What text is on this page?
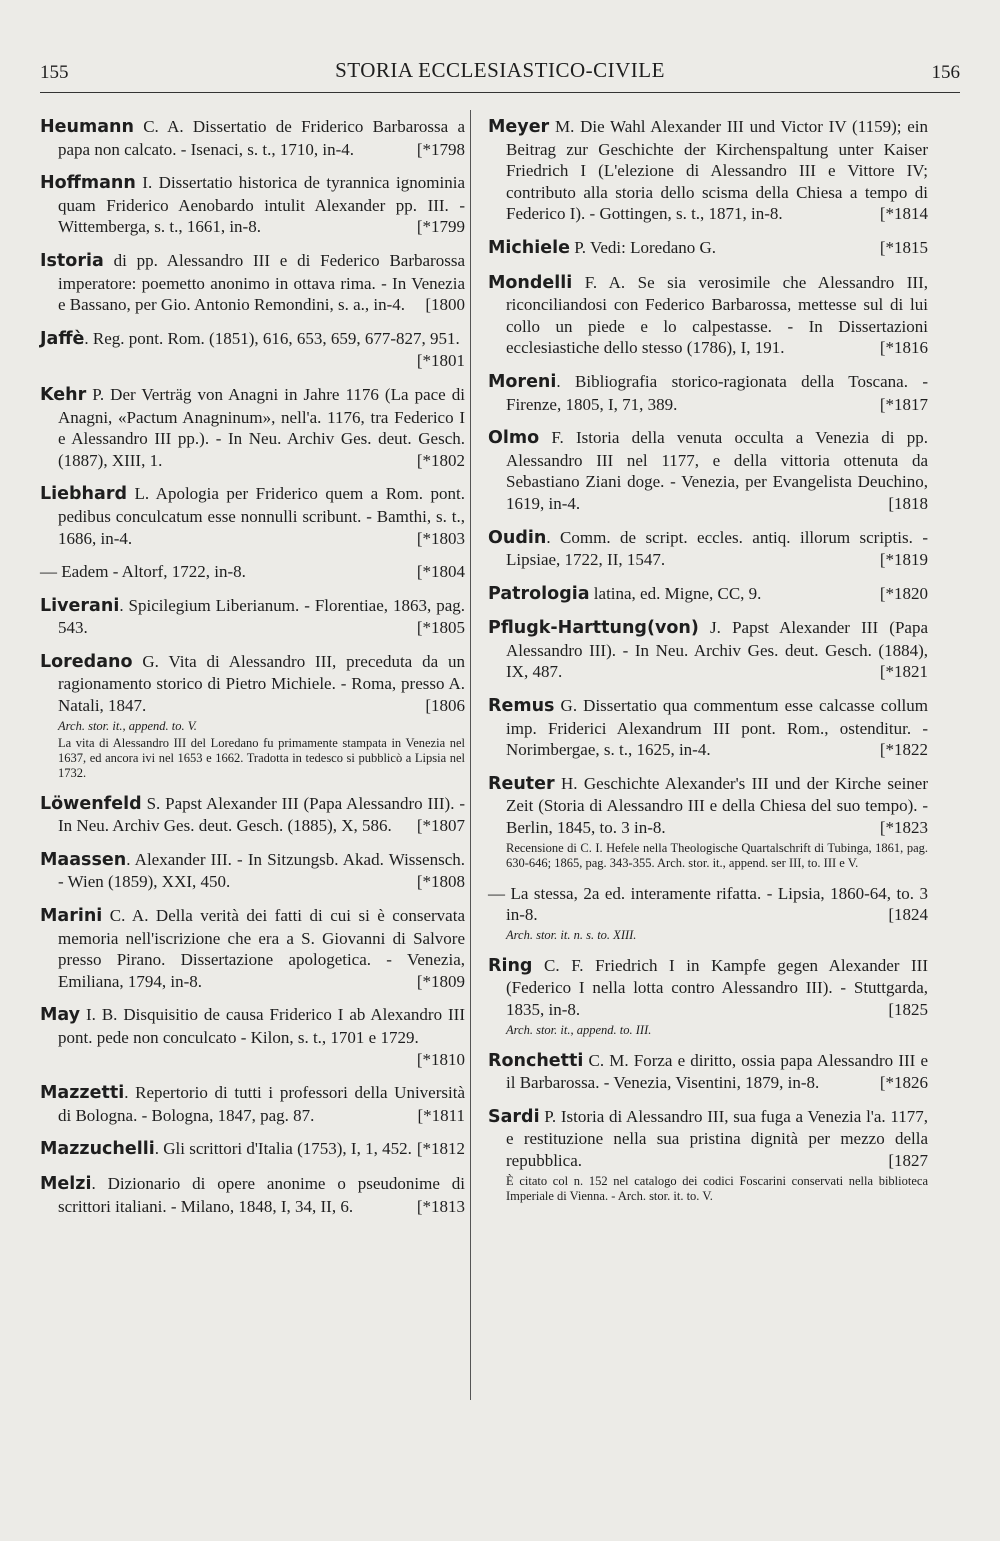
155	STORIA ECCLESIASTICO-CIVILE	156
Heumann C. A. Dissertatio de Friderico Barbarossa a papa non calcato. - Isenaci, s. t., 1710, in-4.	[*1798
Hoffmann I. Dissertatio historica de tyrannica ignominia quam Friderico Aenobardo intulit Alexander pp. III. - Wittemberga, s. t., 1661, in-8.	[*1799
Istoria di pp. Alessandro III e di Federico Barbarossa imperatore: poemetto anonimo in ottava rima. - In Venezia e Bassano, per Gio. Antonio Remondini, s. a., in-4. [1800
Jaffè. Reg. pont. Rom. (1851), 616, 653, 659, 677-827, 951.
[*1801
Kehr P. Der Verträg von Anagni in Jahre 1176 (La pace di Anagni, «Pactum Anagninum», nell'a. 1176, tra Federico I e Alessandro III pp.). - In Neu. Archiv Ges. deut. Gesch. (1887), XIII, 1.	[*1802
Liebhard L. Apologia per Friderico quem a Rom. pont. pedibus conculcatum esse nonnulli scribunt. - Bamthi, s. t., 1686, in-4.	[*1803
— Eadem - Altorf, 1722, in-8.	[*1804
Liverani. Spicilegium Liberianum. - Florentiae, 1863, pag. 543.	[*1805
Loredano G. Vita di Alessandro III, preceduta da un ragionamento storico di Pietro Michiele. - Roma, presso A. Natali, 1847.	[1806
Arch. stor. it., append. to. V.
La vita di Alessandro III del Loredano fu primamente stampata in Venezia nel 1637, ed ancora ivi nel 1653 e 1662. Tradotta in tedesco si pubblicò a Lipsia nel 1732.
Löwenfeld S. Papst Alexander III (Papa Alessandro III). - In Neu. Archiv Ges. deut. Gesch. (1885), X, 586. [*1807
Maassen. Alexander III. - In Sitzungsb. Akad. Wissensch. - Wien (1859), XXI, 450.	[*1808
Marini C. A. Della verità dei fatti di cui si è conservata memoria nell'iscrizione che era a S. Giovanni di Salvore presso Pirano. Dissertazione apologetica. - Venezia, Emiliana, 1794, in-8.	[*1809
May I. B. Disquisitio de causa Friderico I ab Alexandro III pont. pede non conculcato - Kilon, s. t., 1701 e 1729.
[*1810
Mazzetti. Repertorio di tutti i professori della Università di Bologna. - Bologna, 1847, pag. 87.	[*1811
Mazzuchelli. Gli scrittori d'Italia (1753), I, 1, 452. [*1812
Melzi. Dizionario di opere anonime o pseudonime di scrittori italiani. - Milano, 1848, I, 34, II, 6.	[*1813
Meyer M. Die Wahl Alexander III und Victor IV (1159); ein Beitrag zur Geschichte der Kirchenspaltung unter Kaiser Friedrich I (L'elezione di Alessandro III e Vittore IV; contributo alla storia dello scisma della Chiesa a tempo di Federico I). - Gottingen, s. t., 1871, in-8.	[*1814
Michiele P. Vedi: Loredano G.	[*1815
Mondelli F. A. Se sia verosimile che Alessandro III, riconciliandosi con Federico Barbarossa, mettesse sul di lui collo un piede e lo calpestasse. - In Dissertazioni ecclesiastiche dello stesso (1786), I, 191.	[*1816
Moreni. Bibliografia storico-ragionata della Toscana. - Firenze, 1805, I, 71, 389.	[*1817
Olmo F. Istoria della venuta occulta a Venezia di pp. Alessandro III nel 1177, e della vittoria ottenuta da Sebastiano Ziani doge. - Venezia, per Evangelista Deuchino, 1619, in-4.	[1818
Oudin. Comm. de script. eccles. antiq. illorum scriptis. - Lipsiae, 1722, II, 1547.	[*1819
Patrologia latina, ed. Migne, CC, 9.	[*1820
Pflugk-Harttung(von) J. Papst Alexander III (Papa Alessandro III). - In Neu. Archiv Ges. deut. Gesch. (1884), IX, 487.	[*1821
Remus G. Dissertatio qua commentum esse calcasse collum imp. Friderici Alexandrum III pont. Rom., ostenditur. - Norimbergae, s. t., 1625, in-4.	[*1822
Reuter H. Geschichte Alexander's III und der Kirche seiner Zeit (Storia di Alessandro III e della Chiesa del suo tempo). - Berlin, 1845, to. 3 in-8.	[*1823
Recensione di C. I. Hefele nella Theologische Quartalschrift di Tubinga, 1861, pag. 630-646; 1865, pag. 343-355. Arch. stor. it., append. ser III, to. III e V.
— La stessa, 2a ed. interamente rifatta. - Lipsia, 1860-64, to. 3 in-8.	[1824
Arch. stor. it. n. s. to. XIII.
Ring C. F. Friedrich I in Kampfe gegen Alexander III (Federico I nella lotta contro Alessandro III). - Stuttgarda, 1835, in-8.	[1825
Arch. stor. it., append. to. III.
Ronchetti C. M. Forza e diritto, ossia papa Alessandro III e il Barbarossa. - Venezia, Visentini, 1879, in-8.	[*1826
Sardi P. Istoria di Alessandro III, sua fuga a Venezia l'a. 1177, e restituzione nella sua pristina dignità per mezzo della repubblica.	[1827
È citato col n. 152 nel catalogo dei codici Foscarini conservati nella biblioteca Imperiale di Vienna. - Arch. stor. it. to. V.
